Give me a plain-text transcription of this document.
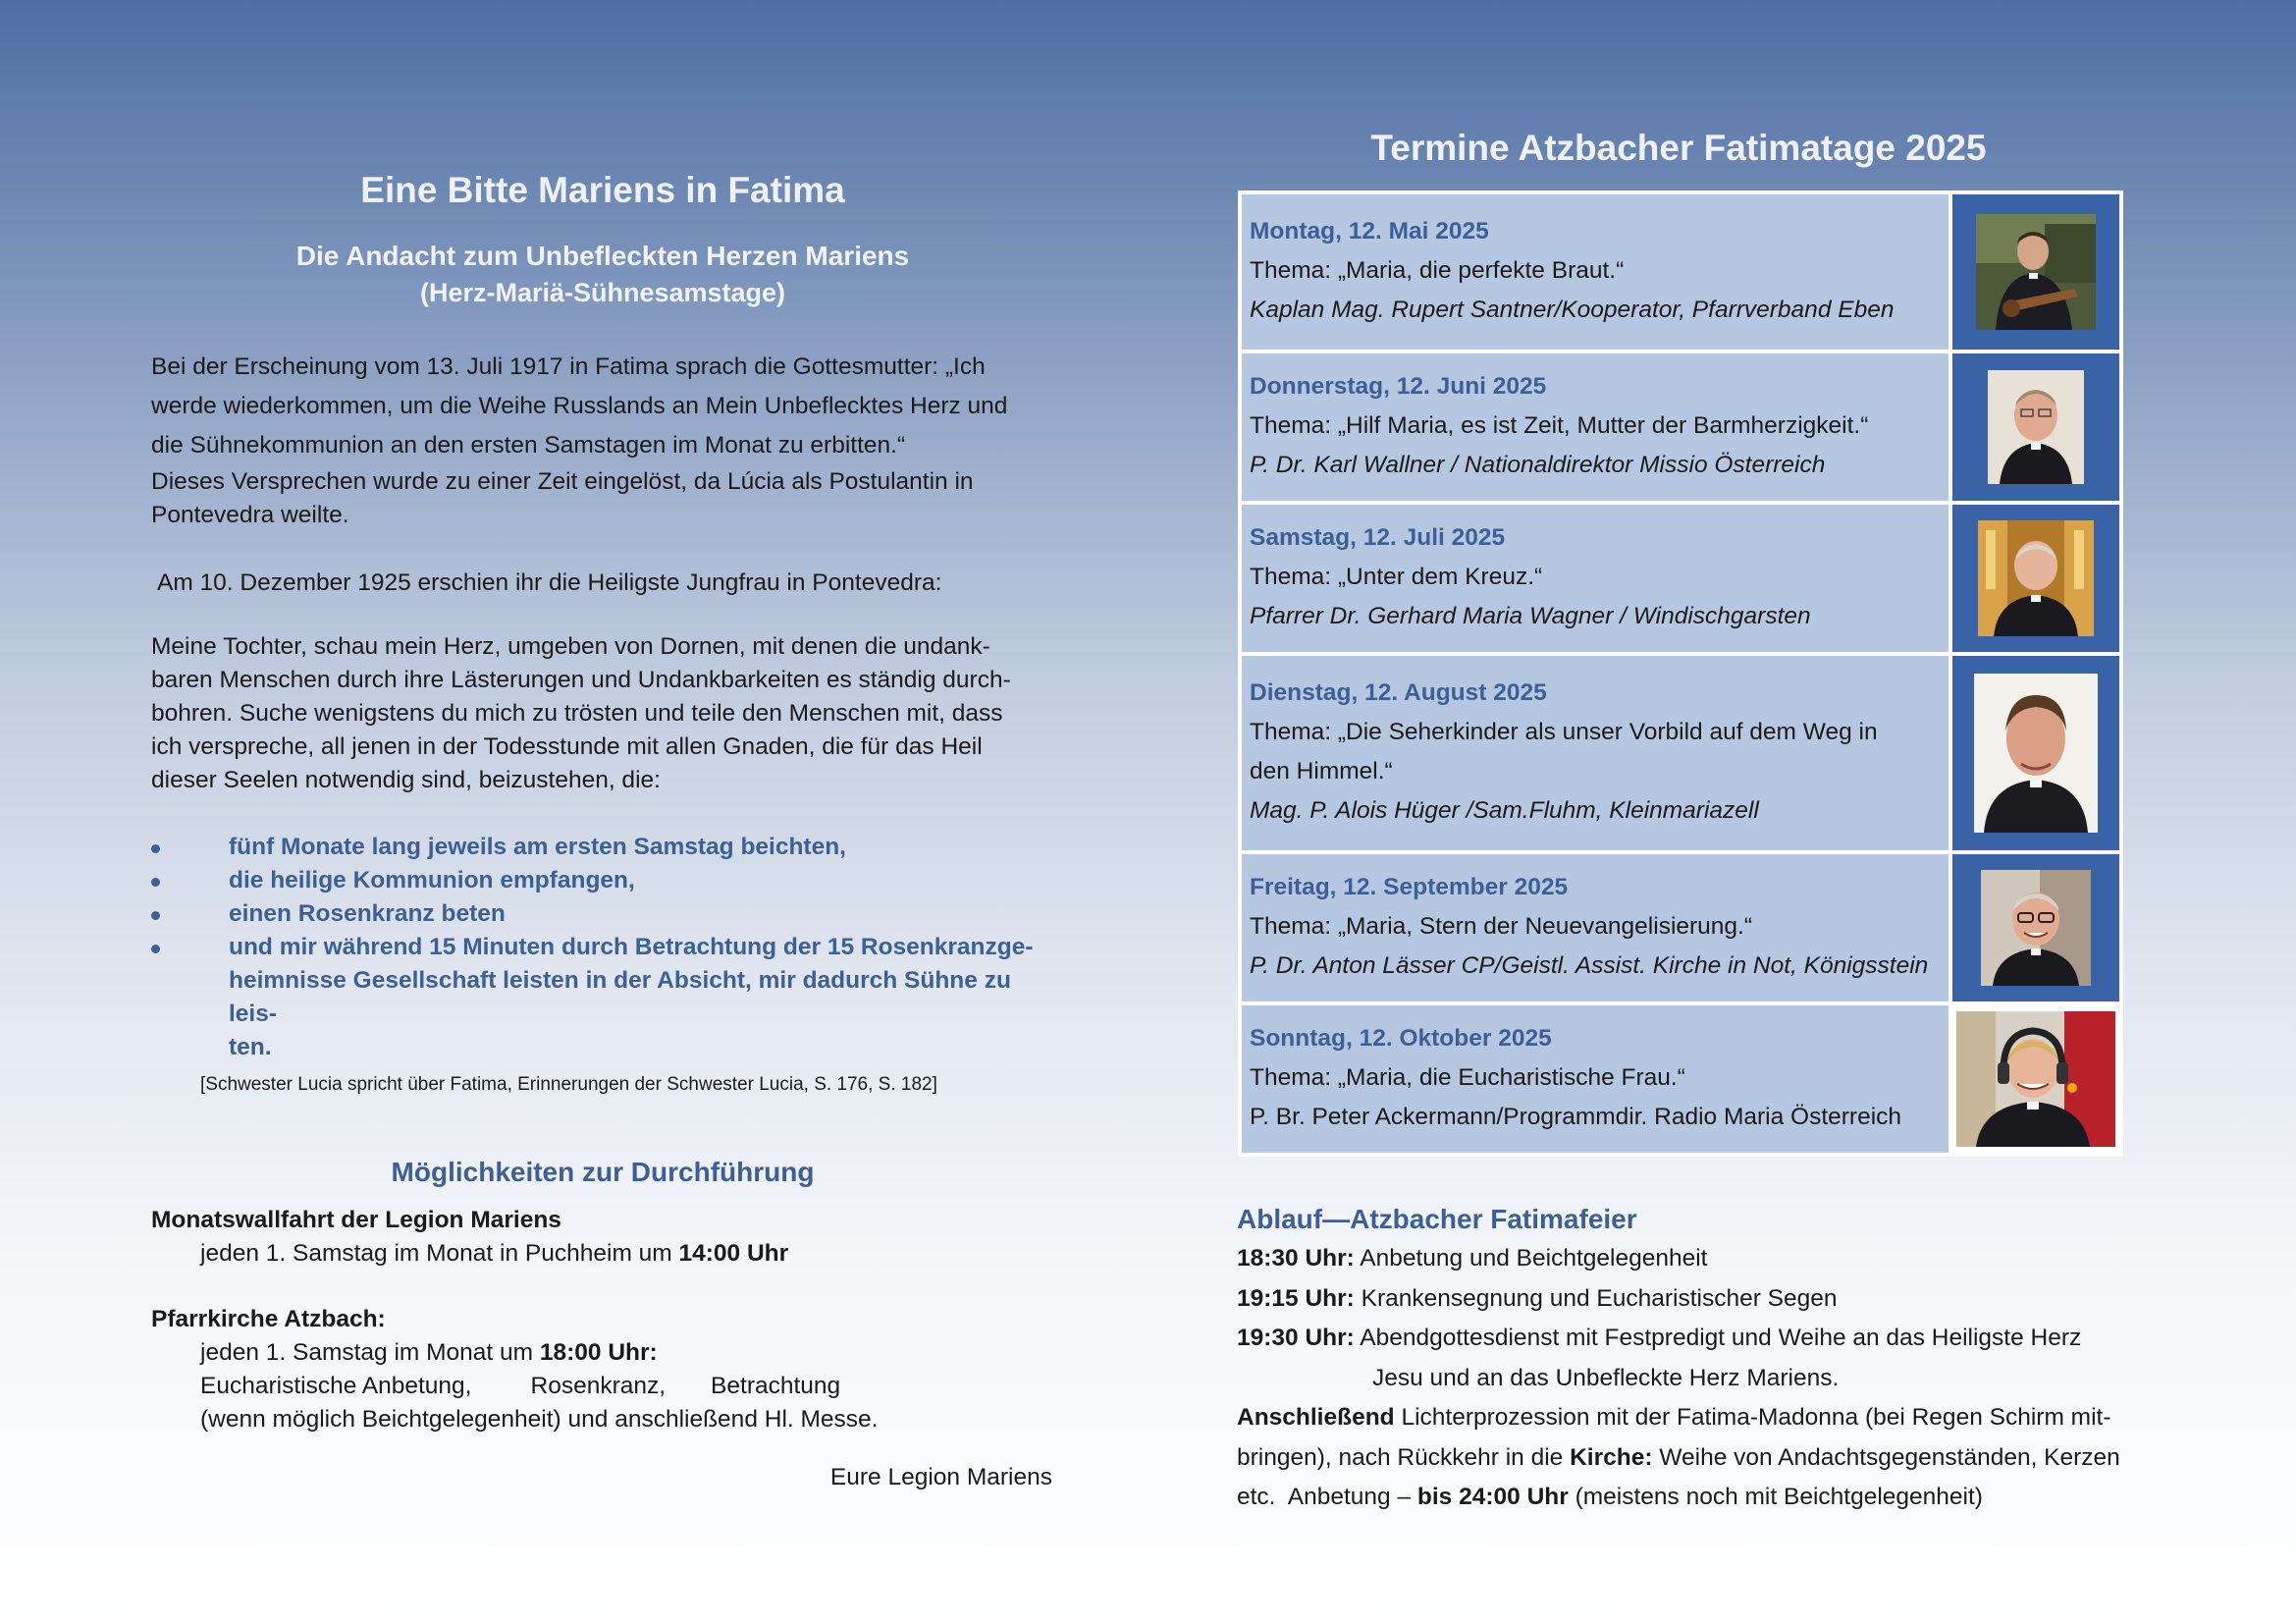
Eine Bitte Mariens in Fatima

Die Andacht zum Unbefleckten Herzen Mariens

(Herz-Mariä-Sühnesamstage)

Bei der Erscheinung vom 13. Juli 1917 in Fatima sprach die Gottesmutter: „Ich
werde wiederkommen, um die Weihe Russlands an Mein Unbeflecktes Herz und
die Sühnekommunion an den ersten Samstagen im Monat zu erbitten.“
Dieses Versprechen wurde zu einer Zeit eingelöst, da Lúcia als Postulantin in
Pontevedra weilte.
Am 10. Dezember 1925 erschien ihr die Heiligste Jungfrau in Pontevedra:
Meine Tochter, schau mein Herz, umgeben von Dornen, mit denen die undank-
baren Menschen durch ihre Lästerungen und Undankbarkeiten es ständig durch-
bohren. Suche wenigstens du mich zu trösten und teile den Menschen mit, dass
ich verspreche, all jenen in der Todesstunde mit allen Gnaden, die für das Heil
dieser Seelen notwendig sind, beizustehen, die:
fünf Monate lang jeweils am ersten Samstag beichten,
die heilige Kommunion empfangen,
einen Rosenkranz beten
und mir während 15 Minuten durch Betrachtung der 15 Rosenkranzge-
heimnisse Gesellschaft leisten in der Absicht, mir dadurch Sühne zu leis-
ten.
[Schwester Lucia spricht über Fatima, Erinnerungen der Schwester Lucia, S. 176, S. 182]
Möglichkeiten zur Durchführung
Monatswallfahrt der Legion Mariens
jeden 1. Samstag im Monat in Puchheim um 14:00 Uhr
Pfarrkirche Atzbach:
jeden 1. Samstag im Monat um 18:00 Uhr:
Eucharistische Anbetung, Rosenkranz, Betrachtung
(wenn möglich Beichtgelegenheit) und anschließend Hl. Messe.
Eure Legion Mariens
Termine Atzbacher Fatimatage 2025
Montag, 12. Mai 2025
Thema: „Maria, die perfekte Braut.“
Kaplan Mag. Rupert Santner/Kooperator, Pfarrverband Eben

Donnerstag, 12. Juni 2025
Thema: „Hilf Maria, es ist Zeit, Mutter der Barmherzigkeit.“
P. Dr. Karl Wallner / Nationaldirektor Missio Österreich

Samstag, 12. Juli 2025
Thema: „Unter dem Kreuz.“
Pfarrer Dr. Gerhard Maria Wagner / Windischgarsten

Dienstag, 12. August 2025
Thema: „Die Seherkinder als unser Vorbild auf dem Weg in
den Himmel.“
Mag. P. Alois Hüger /Sam.Fluhm, Kleinmariazell

Freitag, 12. September 2025
Thema: „Maria, Stern der Neuevangelisierung.“
P. Dr. Anton Lässer CP/Geistl. Assist. Kirche in Not, Königsstein

Sonntag, 12. Oktober 2025
Thema: „Maria, die Eucharistische Frau.“
P. Br. Peter Ackermann/Programmdir. Radio Maria Österreich

Ablauf—Atzbacher Fatimafeier
18:30 Uhr: Anbetung und Beichtgelegenheit
19:15 Uhr: Krankensegnung und Eucharistischer Segen
19:30 Uhr: Abendgottesdienst mit Festpredigt und Weihe an das Heiligste Herz
Jesu und an das Unbefleckte Herz Mariens.
Anschließend Lichterprozession mit der Fatima-Madonna (bei Regen Schirm mit-
bringen), nach Rückkehr in die Kirche: Weihe von Andachtsgegenständen, Kerzen
etc.  Anbetung – bis 24:00 Uhr (meistens noch mit Beichtgelegenheit)
